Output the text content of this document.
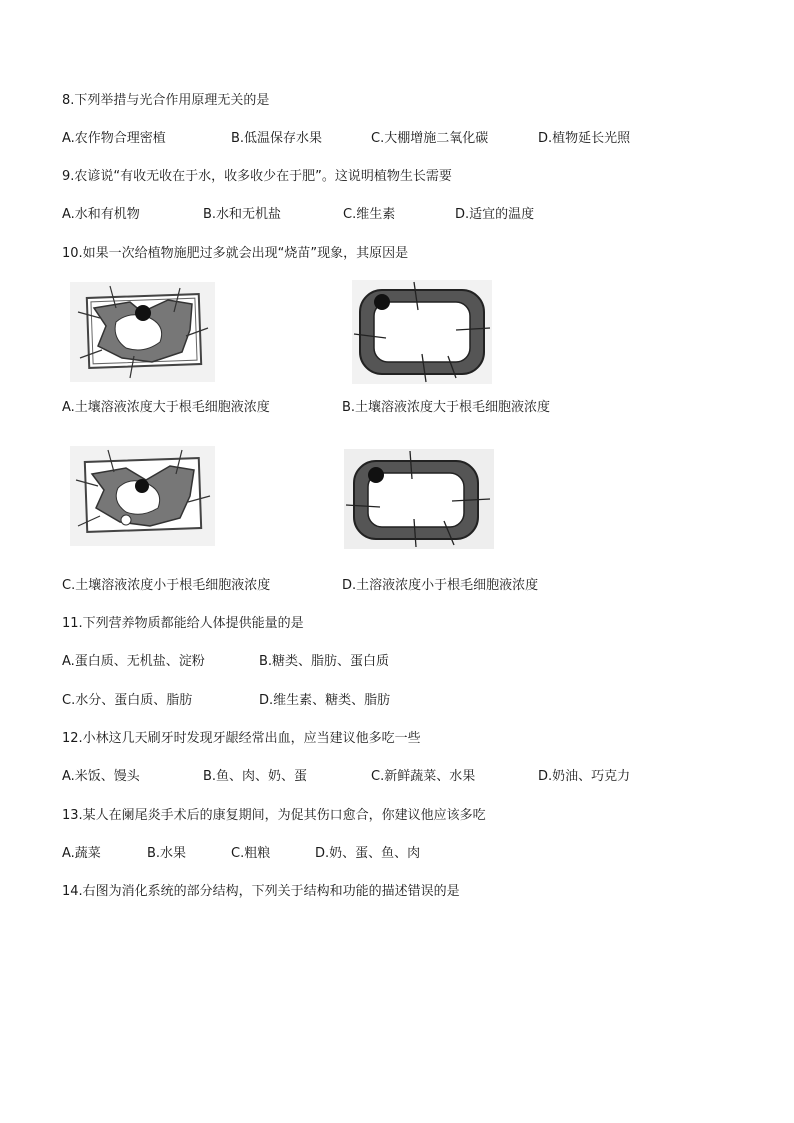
8.下列举措与光合作用原理无关的是
A.农作物合理密植	B.低温保存水果	C.大棚增施二氧化碳	D.植物延长光照
9.农谚说“有收无收在于水，收多收少在于肥”。这说明植物生长需要
A.水和有机物	B.水和无机盐	C.维生素	D.适宜的温度
10.如果一次给植物施肥过多就会出现“烧苗”现象，其原因是
A.土壤溶液浓度大于根毛细胞液浓度	B.土壤溶液浓度大于根毛细胞液浓度
C.土壤溶液浓度小于根毛细胞液浓度	D.土溶液浓度小于根毛细胞液浓度
11.下列营养物质都能给人体提供能量的是
A.蛋白质、无机盐、淀粉	B.糖类、脂肪、蛋白质
C.水分、蛋白质、脂肪	D.维生素、糖类、脂肪
12.小林这几天刷牙时发现牙龈经常出血，应当建议他多吃一些
A.米饭、馒头	B.鱼、肉、奶、蛋	C.新鲜蔬菜、水果	D.奶油、巧克力
13.某人在阑尾炎手术后的康复期间，为促其伤口愈合，你建议他应该多吃
A.蔬菜	B.水果	C.粗粮	D.奶、蛋、鱼、肉
14.右图为消化系统的部分结构，下列关于结构和功能的描述错误的是
